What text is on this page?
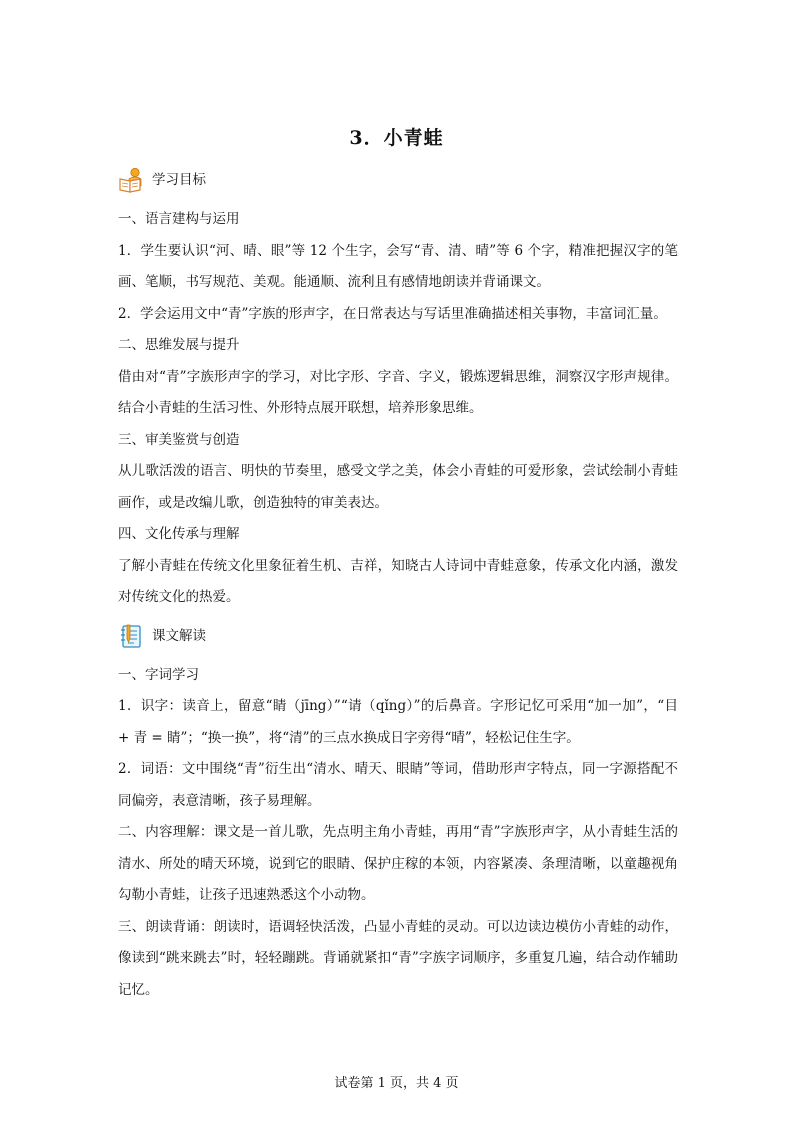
3．小青蛙
学习目标

一、语言建构与运用

1．学生要认识“河、晴、眼”等 12 个生字，会写“青、清、晴”等 6 个字，精准把握汉字的笔画、笔顺，书写规范、美观。能通顺、流利且有感情地朗读并背诵课文。

2．学会运用文中“青”字族的形声字，在日常表达与写话里准确描述相关事物，丰富词汇量。

二、思维发展与提升

借由对“青”字族形声字的学习，对比字形、字音、字义，锻炼逻辑思维，洞察汉字形声规律。结合小青蛙的生活习性、外形特点展开联想，培养形象思维。

三、审美鉴赏与创造

从儿歌活泼的语言、明快的节奏里，感受文学之美，体会小青蛙的可爱形象，尝试绘制小青蛙画作，或是改编儿歌，创造独特的审美表达。

四、文化传承与理解

了解小青蛙在传统文化里象征着生机、吉祥，知晓古人诗词中青蛙意象，传承文化内涵，激发对传统文化的热爱。

课文解读

一、字词学习

1．识字：读音上，留意“睛（jīng）”“请（qǐng）”的后鼻音。字形记忆可采用“加一加”，“目 + 青 = 睛”；“换一换”，将“清”的三点水换成日字旁得“晴”，轻松记住生字。

2．词语：文中围绕“青”衍生出“清水、晴天、眼睛”等词，借助形声字特点，同一字源搭配不同偏旁，表意清晰，孩子易理解。

二、内容理解：课文是一首儿歌，先点明主角小青蛙，再用“青”字族形声字，从小青蛙生活的清水、所处的晴天环境，说到它的眼睛、保护庄稼的本领，内容紧凑、条理清晰，以童趣视角勾勒小青蛙，让孩子迅速熟悉这个小动物。

三、朗读背诵：朗读时，语调轻快活泼，凸显小青蛙的灵动。可以边读边模仿小青蛙的动作，像读到“跳来跳去”时，轻轻蹦跳。背诵就紧扣“青”字族字词顺序，多重复几遍，结合动作辅助记忆。

试卷第 1 页，共 4 页
